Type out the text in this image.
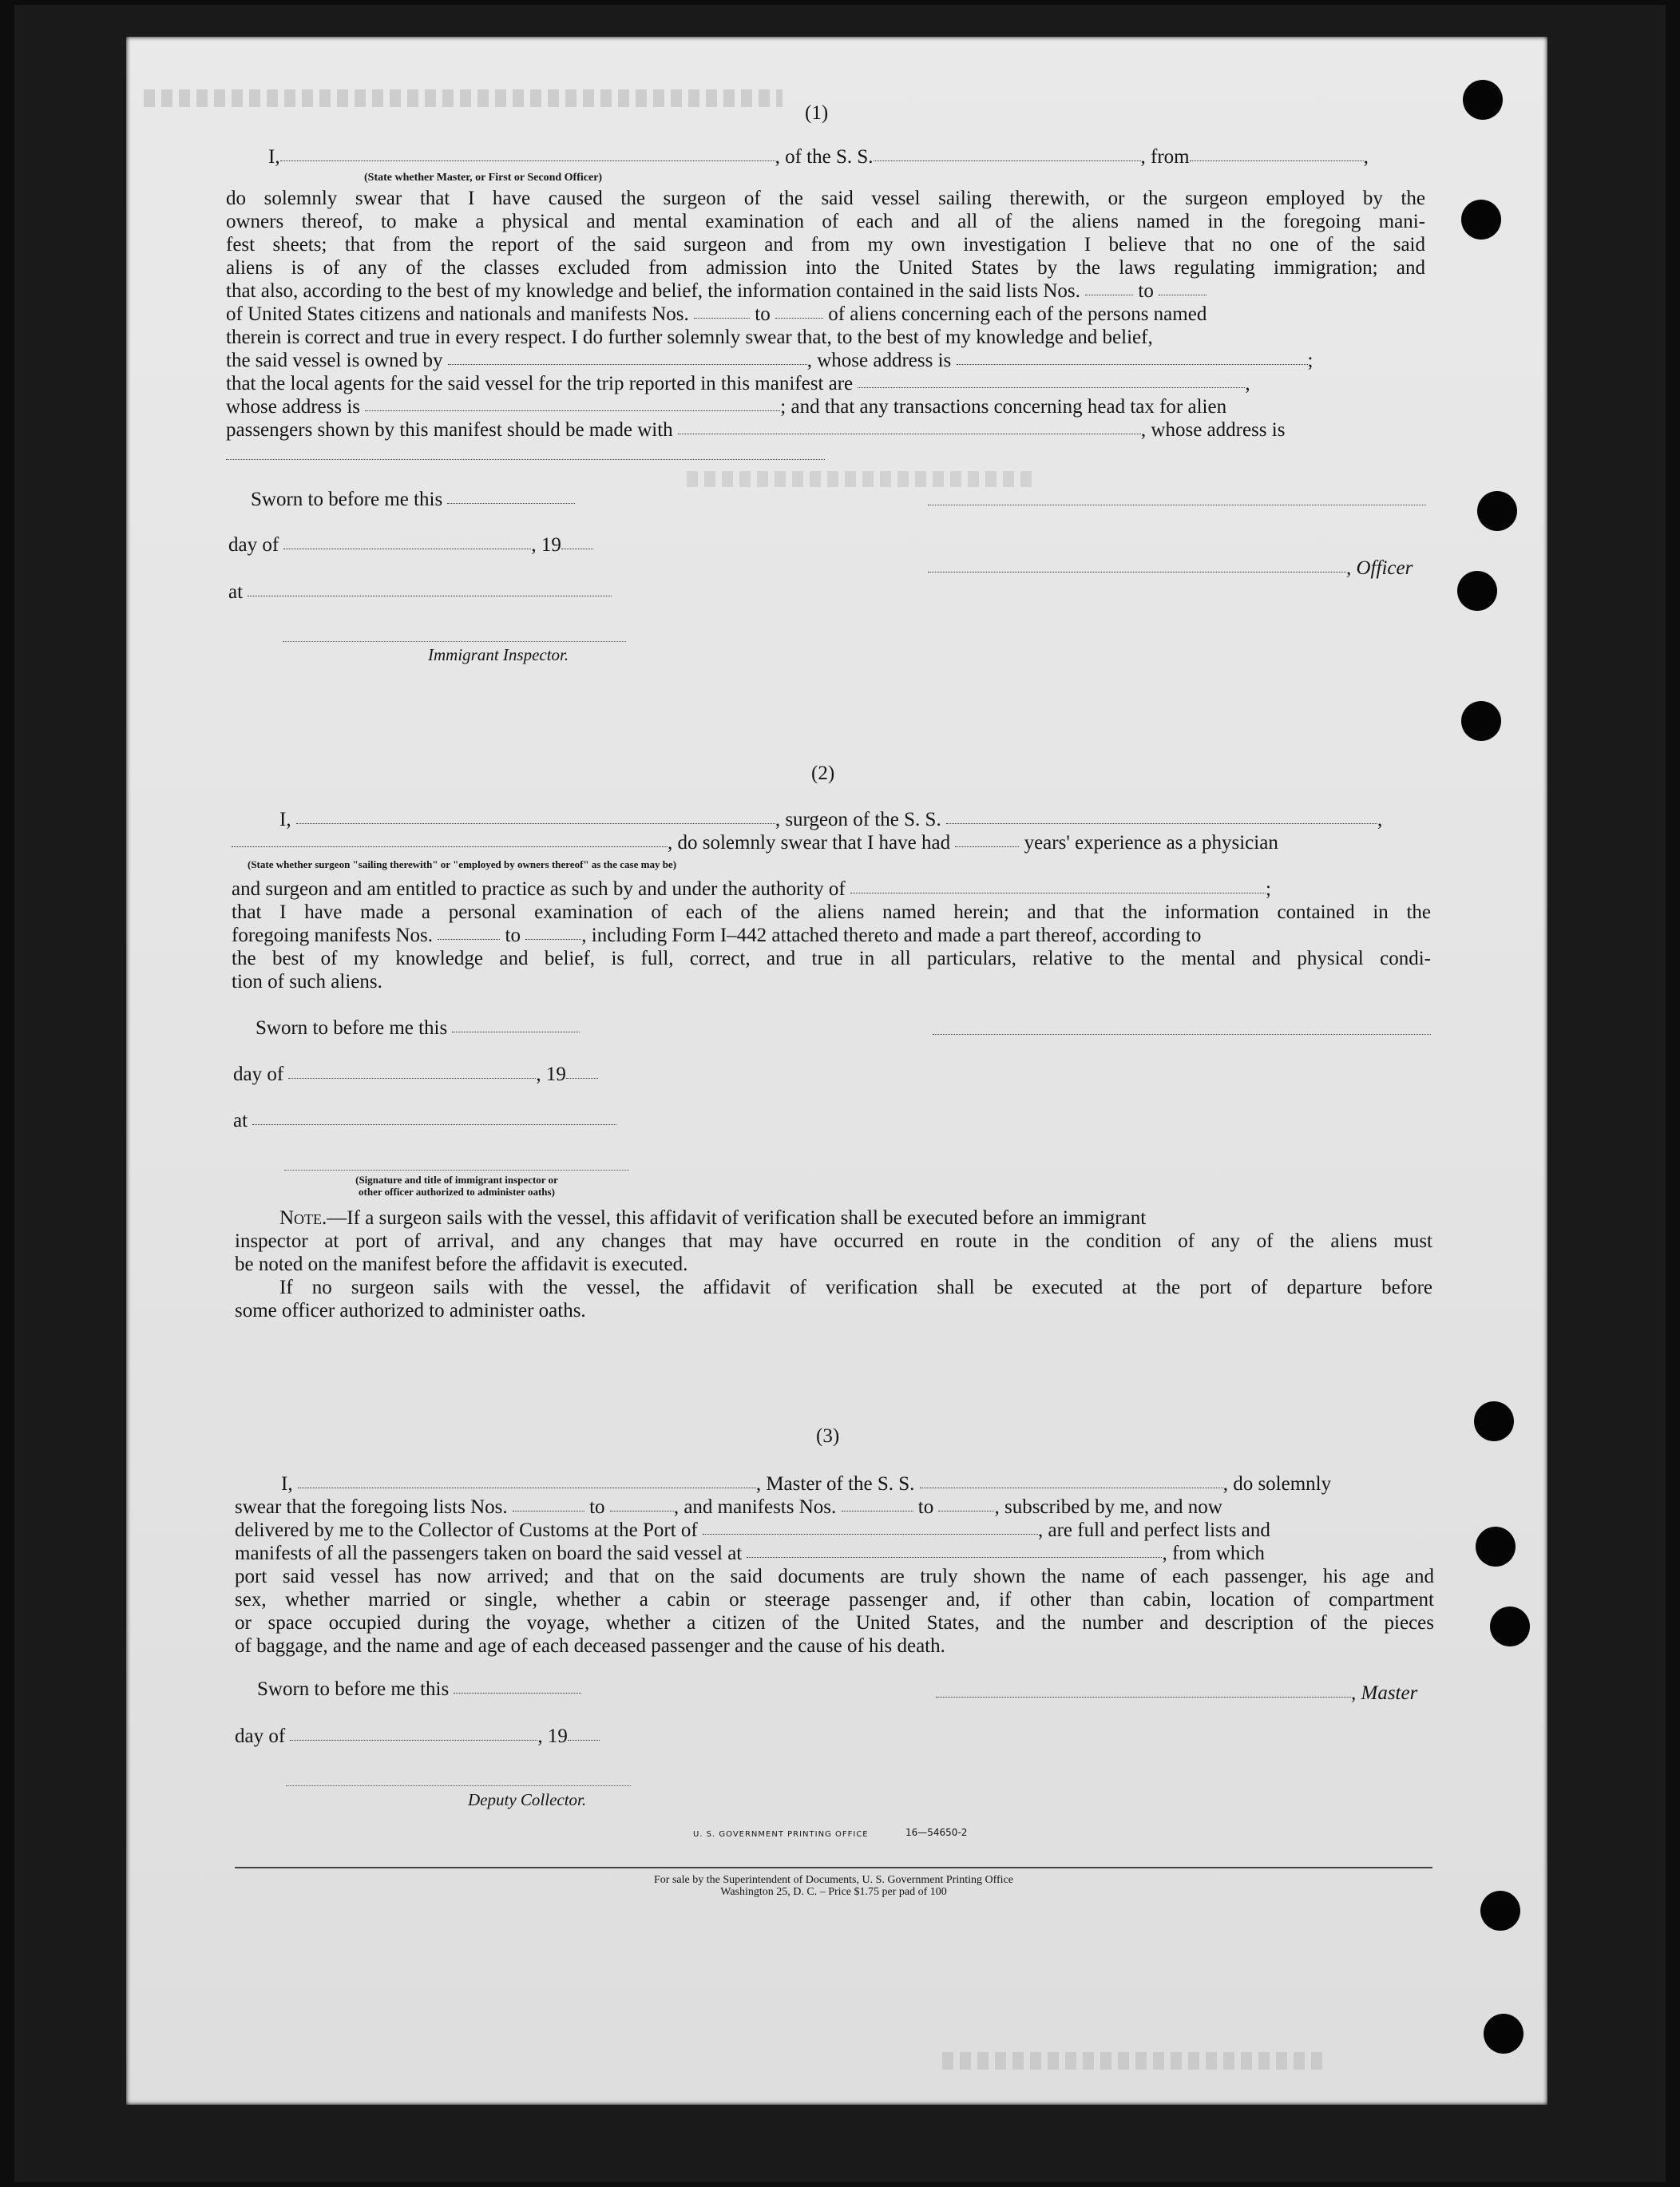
(1)
I,	, of the S. S.	, from	,
(State whether Master, or First or Second Officer)
do solemnly swear that I have caused the surgeon of the said vessel sailing therewith, or the surgeon employed by the
owners thereof, to make a physical and mental examination of each and all of the aliens named in the foregoing mani-
fest sheets; that from the report of the said surgeon and from my own investigation I believe that no one of the said
aliens is of any of the classes excluded from admission into the United States by the laws regulating immigration; and
that also, according to the best of my knowledge and belief, the information contained in the said lists Nos.	to
of United States citizens and nationals and manifests Nos.	to	of aliens concerning each of the persons named
therein is correct and true in every respect. I do further solemnly swear that, to the best of my knowledge and belief,
the said vessel is owned by	, whose address is	;
that the local agents for the said vessel for the trip reported in this manifest are	,
whose address is	; and that any transactions concerning head tax for alien
passengers shown by this manifest should be made with	, whose address is
Sworn to before me this
day of	, 19
, Officer
at
Immigrant Inspector.
(2)
I,	, surgeon of the S. S.	,
, do solemnly swear that I have had	years' experience as a physician
(State whether surgeon "sailing therewith" or "employed by owners thereof" as the case may be)
and surgeon and am entitled to practice as such by and under the authority of	;
that I have made a personal examination of each of the aliens named herein; and that the information contained in the
foregoing manifests Nos.	to	, including Form I–442 attached thereto and made a part thereof, according to
the best of my knowledge and belief, is full, correct, and true in all particulars, relative to the mental and physical condi-
tion of such aliens.
Sworn to before me this
day of	, 19
at
(Signature and title of immigrant inspector or
other officer authorized to administer oaths)
Note.—If a surgeon sails with the vessel, this affidavit of verification shall be executed before an immigrant
inspector at port of arrival, and any changes that may have occurred en route in the condition of any of the aliens must
be noted on the manifest before the affidavit is executed.
If no surgeon sails with the vessel, the affidavit of verification shall be executed at the port of departure before
some officer authorized to administer oaths.
(3)
I,	, Master of the S. S.	, do solemnly
swear that the foregoing lists Nos.	to	, and manifests Nos.	to	, subscribed by me, and now
delivered by me to the Collector of Customs at the Port of	, are full and perfect lists and
manifests of all the passengers taken on board the said vessel at	, from which
port said vessel has now arrived; and that on the said documents are truly shown the name of each passenger, his age and
sex, whether married or single, whether a cabin or steerage passenger and, if other than cabin, location of compartment
or space occupied during the voyage, whether a citizen of the United States, and the number and description of the pieces
of baggage, and the name and age of each deceased passenger and the cause of his death.
Sworn to before me this	, Master
day of	, 19
Deputy Collector.
U. S. GOVERNMENT PRINTING OFFICE	16—54650-2
For sale by the Superintendent of Documents, U. S. Government Printing Office
Washington 25, D. C. – Price $1.75 per pad of 100
